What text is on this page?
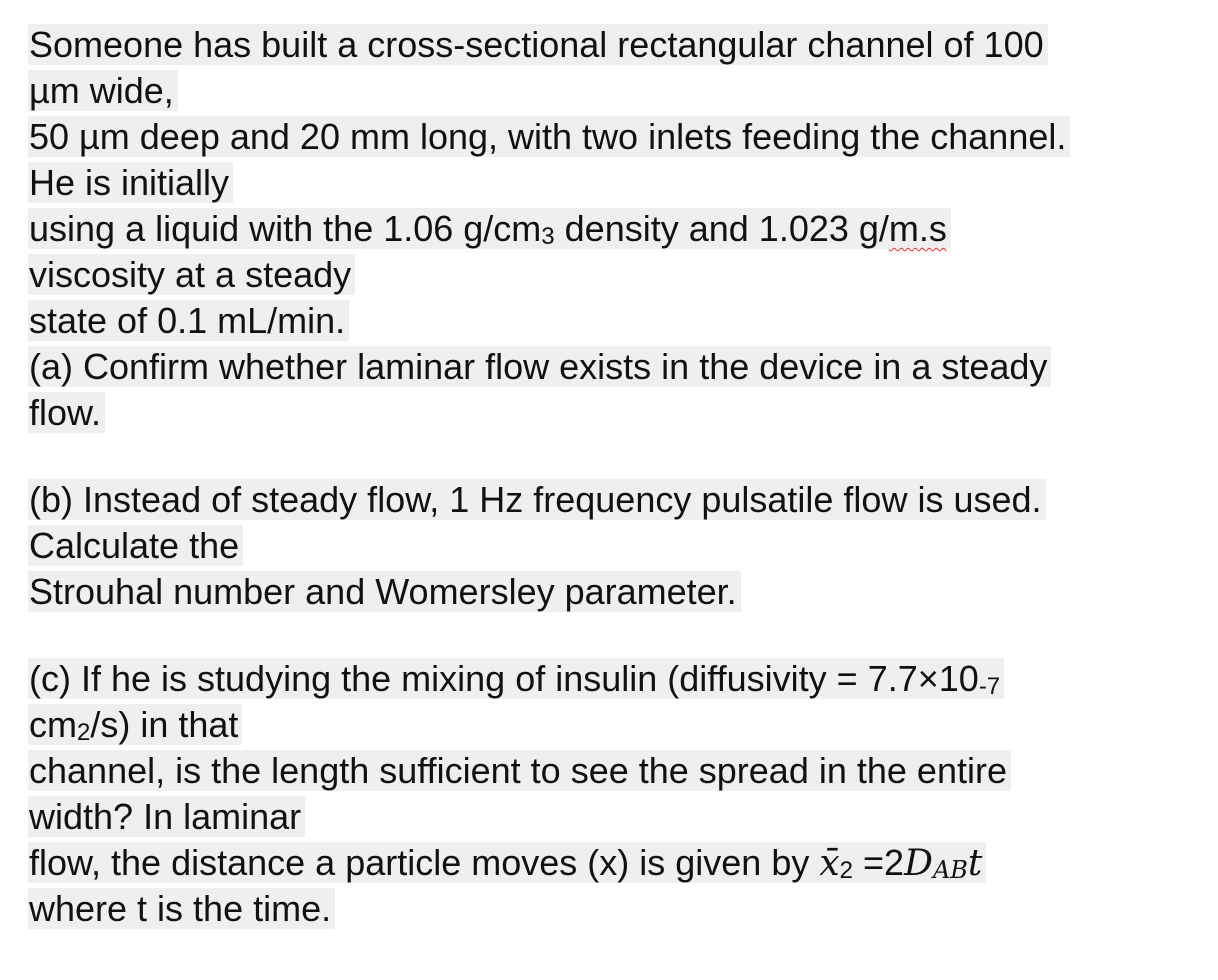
Someone has built a cross-sectional rectangular channel of 100
µm wide,
50 µm deep and 20 mm long, with two inlets feeding the channel.
He is initially
using a liquid with the 1.06 g/cm3 density and 1.023 g/m.s
viscosity at a steady
state of 0.1 mL/min.
(a) Confirm whether laminar flow exists in the device in a steady
flow.
(b) Instead of steady flow, 1 Hz frequency pulsatile flow is used.
Calculate the
Strouhal number and Womersley parameter.
(c) If he is studying the mixing of insulin (diffusivity = 7.7×10-7
cm2/s) in that
channel, is the length sufficient to see the spread in the entire
width? In laminar
flow, the distance a particle moves (x) is given by x̄2 =2DABt
where t is the time.
